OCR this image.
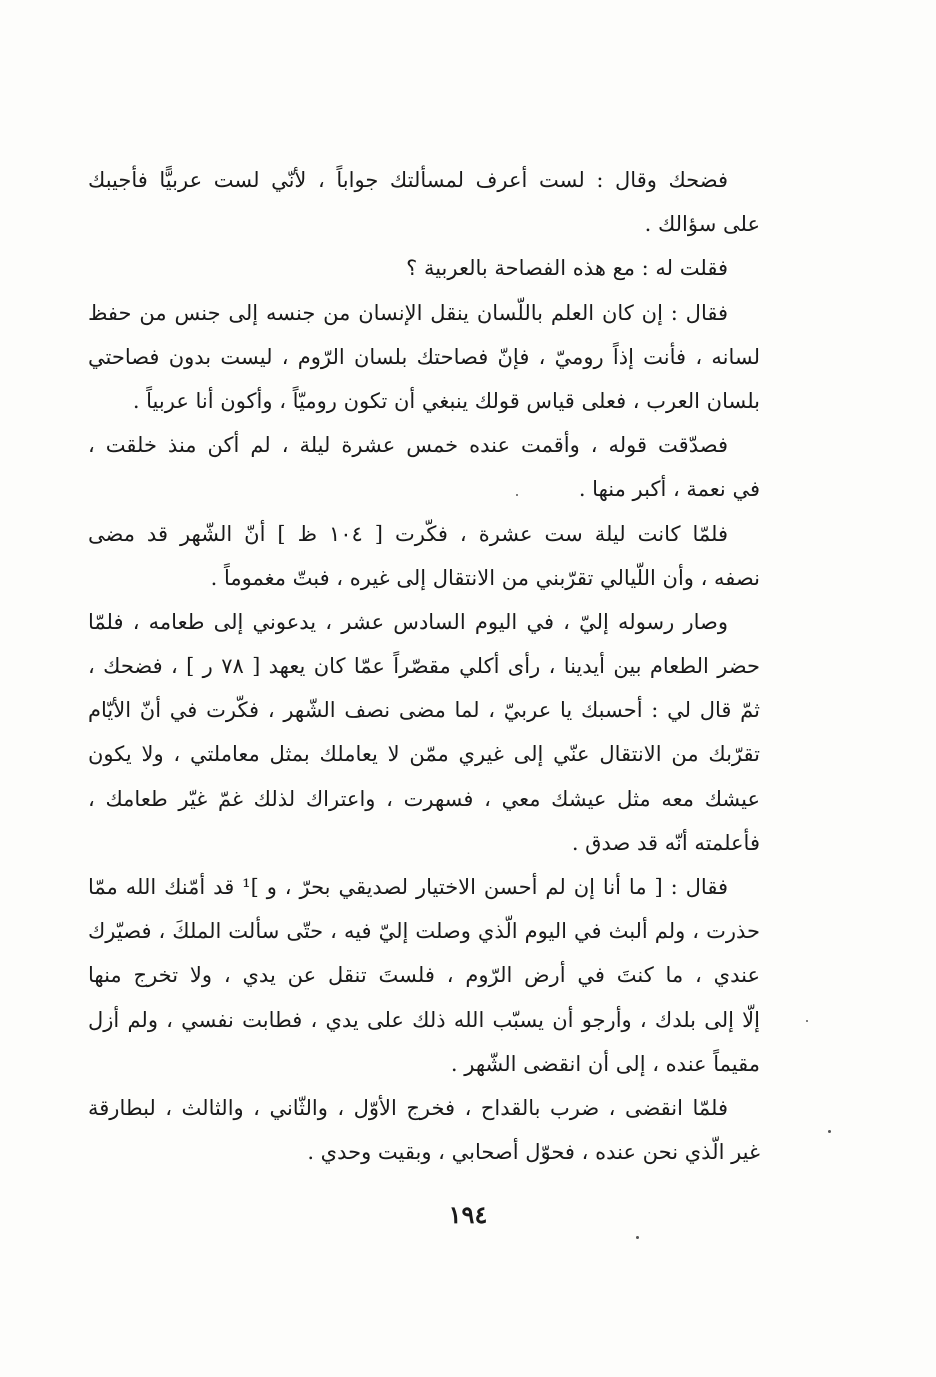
فضحك وقال : لست أعرف لمسألتك جواباً ، لأنّي لست عربيًّا فأجيبك
على سؤالك .
فقلت له : مع هذه الفصاحة بالعربية ؟
فقال : إن كان العلم باللّسان ينقل الإنسان من جنسه إلى جنس من حفظ
لسانه ، فأنت إذاً روميّ ، فإنّ فصاحتك بلسان الرّوم ، ليست بدون فصاحتي
بلسان العرب ، فعلى قياس قولك ينبغي أن تكون روميّاً ، وأكون أنا عربياً .
فصدّقت قوله ، وأقمت عنده خمس عشرة ليلة ، لم أكن منذ خلقت ،
في نعمة ، أكبر منها .
فلمّا كانت ليلة ست عشرة ، فكّرت [ ١٠٤ ظ ] أنّ الشّهر قد مضى
نصفه ، وأن اللّيالي تقرّبني من الانتقال إلى غيره ، فبتّ مغموماً .
وصار رسوله إليّ ، في اليوم السادس عشر ، يدعوني إلى طعامه ، فلمّا
حضر الطعام بين أيدينا ، رأى أكلي مقصّراً عمّا كان يعهد [ ٧٨ ر ] ، فضحك ،
ثمّ قال لي : أحسبك يا عربيّ ، لما مضى نصف الشّهر ، فكّرت في أنّ الأيّام
تقرّبك من الانتقال عنّي إلى غيري ممّن لا يعاملك بمثل معاملتي ، ولا يكون
عيشك معه مثل عيشك معي ، فسهرت ، واعتراك لذلك غمّ غيّر طعامك ،
فأعلمته أنّه قد صدق .
فقال : [ ما أنا إن لم أحسن الاختيار لصديقي بحرّ ، و ]¹ قد أمّنك الله ممّا
حذرت ، ولم ألبث في اليوم الّذي وصلت إليّ فيه ، حتّى سألت الملكَ ، فصيّرك
عندي ، ما كنتَ في أرض الرّوم ، فلستَ تنقل عن يدي ، ولا تخرج منها
إلّا إلى بلدك ، وأرجو أن يسبّب الله ذلك على يدي ، فطابت نفسي ، ولم أزل
مقيماً عنده ، إلى أن انقضى الشّهر .
فلمّا انقضى ، ضرب بالقداح ، فخرج الأوّل ، والثّاني ، والثالث ، لبطارقة
غير الّذي نحن عنده ، فحوّل أصحابي ، وبقيت وحدي .
١٩٤
